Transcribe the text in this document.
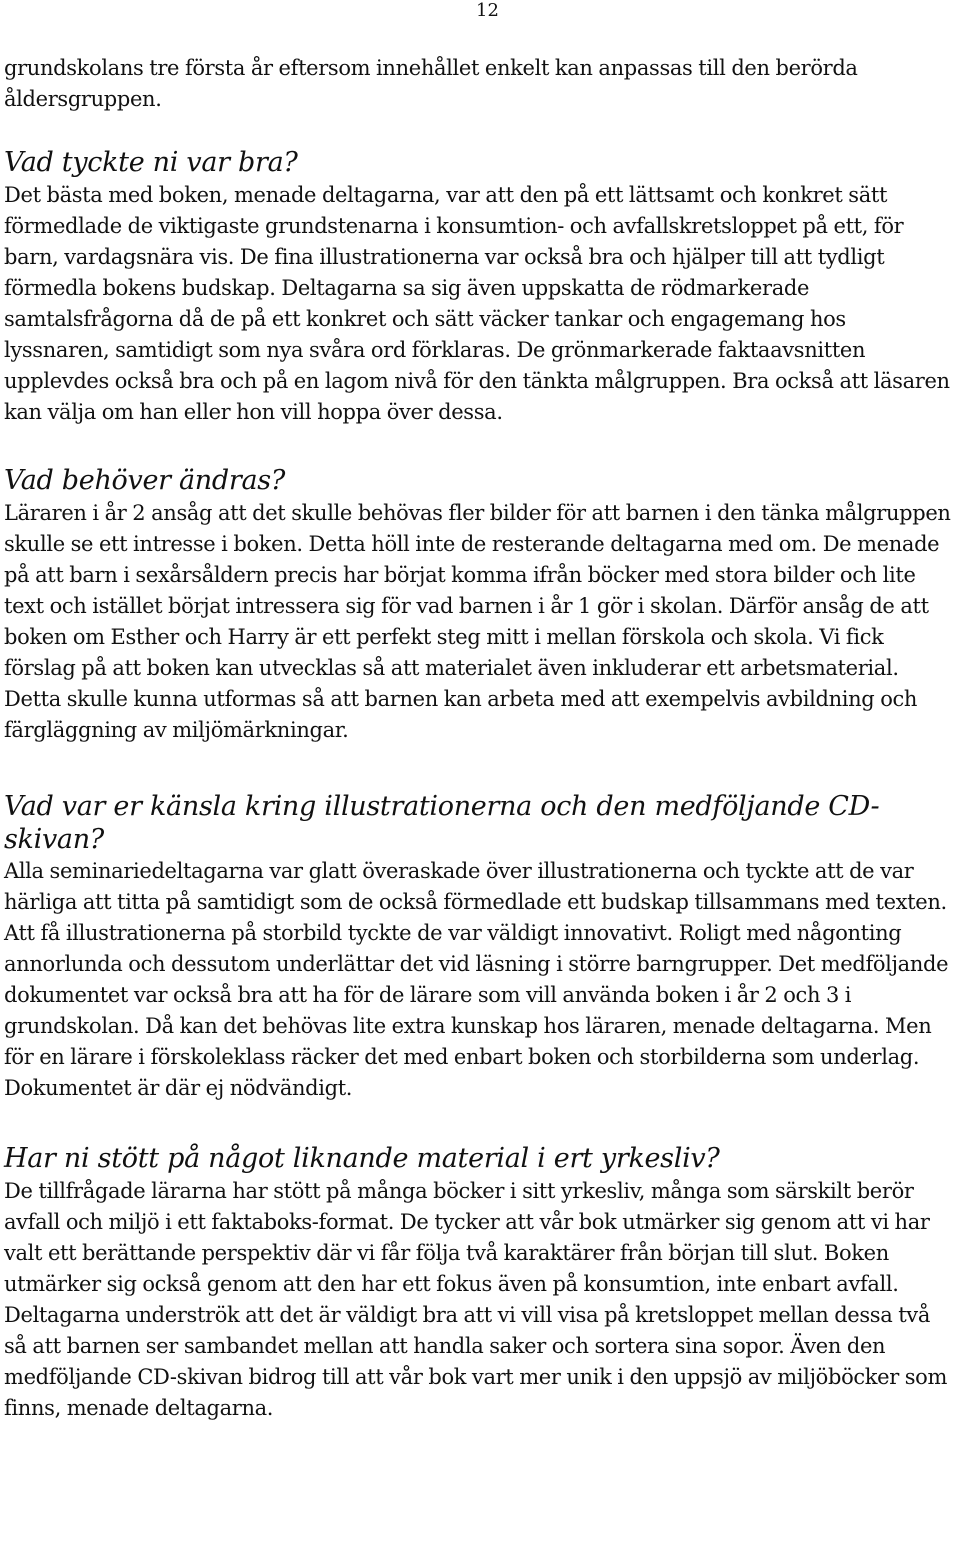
12

grundskolans tre första år eftersom innehållet enkelt kan anpassas till den berörda åldersgruppen.

Vad tyckte ni var bra?

Det bästa med boken, menade deltagarna, var att den på ett lättsamt och konkret sätt förmedlade de viktigaste grundstenarna i konsumtion- och avfallskretsloppet på ett, för barn, vardagsnära vis. De fina illustrationerna var också bra och hjälper till att tydligt förmedla bokens budskap. Deltagarna sa sig även uppskatta de rödmarkerade samtalsfrågorna då de på ett konkret och sätt väcker tankar och engagemang hos lyssnaren, samtidigt som nya svåra ord förklaras. De grönmarkerade faktaavsnitten upplevdes också bra och på en lagom nivå för den tänkta målgruppen. Bra också att läsaren kan välja om han eller hon vill hoppa över dessa.

Vad behöver ändras?

Läraren i år 2 ansåg att det skulle behövas fler bilder för att barnen i den tänka målgruppen skulle se ett intresse i boken. Detta höll inte de resterande deltagarna med om. De menade på att barn i sexårsåldern precis har börjat komma ifrån böcker med stora bilder och lite text och istället börjat intressera sig för vad barnen i år 1 gör i skolan. Därför ansåg de att boken om Esther och Harry är ett perfekt steg mitt i mellan förskola och skola. Vi fick förslag på att boken kan utvecklas så att materialet även inkluderar ett arbetsmaterial. Detta skulle kunna utformas så att barnen kan arbeta med att exempelvis avbildning och färgläggning av miljömärkningar.

Vad var er känsla kring illustrationerna och den medföljande CD-skivan?

Alla seminariedeltagarna var glatt överaskade över illustrationerna och tyckte att de var härliga att titta på samtidigt som de också förmedlade ett budskap tillsammans med texten. Att få illustrationerna på storbild tyckte de var väldigt innovativt. Roligt med någonting annorlunda och dessutom underlättar det vid läsning i större barngrupper. Det medföljande dokumentet var också bra att ha för de lärare som vill använda boken i år 2 och 3 i grundskolan. Då kan det behövas lite extra kunskap hos läraren, menade deltagarna. Men för en lärare i förskoleklass räcker det med enbart boken och storbilderna som underlag. Dokumentet är där ej nödvändigt.

Har ni stött på något liknande material i ert yrkesliv?

De tillfrågade lärarna har stött på många böcker i sitt yrkesliv, många som särskilt berör avfall och miljö i ett faktaboks-format. De tycker att vår bok utmärker sig genom att vi har valt ett berättande perspektiv där vi får följa två karaktärer från början till slut. Boken utmärker sig också genom att den har ett fokus även på konsumtion, inte enbart avfall. Deltagarna underströk att det är väldigt bra att vi vill visa på kretsloppet mellan dessa två så att barnen ser sambandet mellan att handla saker och sortera sina sopor. Även den medföljande CD-skivan bidrog till att vår bok vart mer unik i den uppsjö av miljöböcker som finns, menade deltagarna.
